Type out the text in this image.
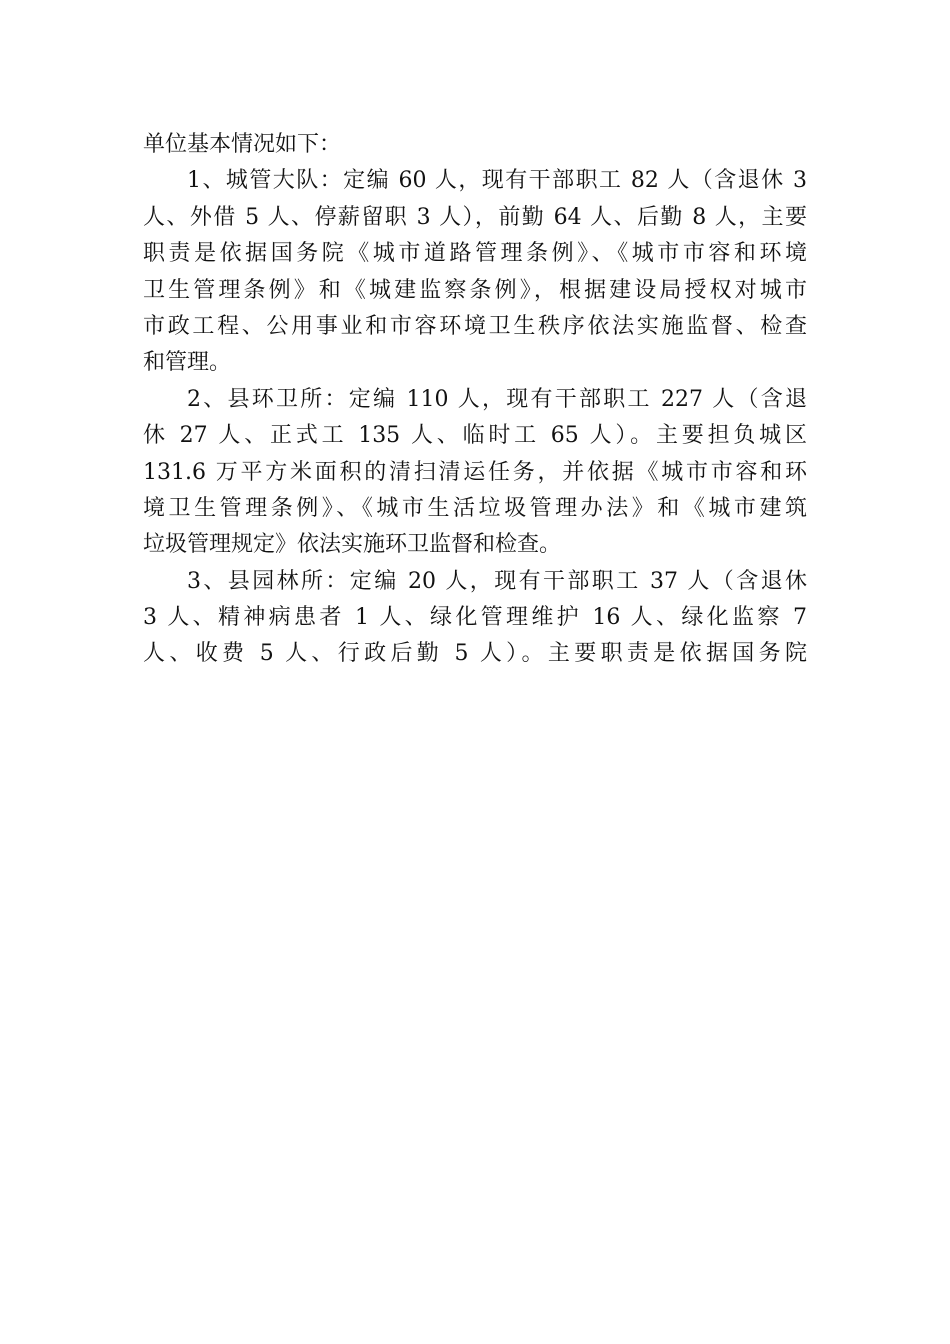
单位基本情况如下：
1、城管大队：定编 60 人，现有干部职工 82 人（含退休 3
人、外借 5 人、停薪留职 3 人），前勤 64 人、后勤 8 人，主要
职责是依据国务院《城市道路管理条例》、《城市市容和环境
卫生管理条例》和《城建监察条例》，根据建设局授权对城市
市政工程、公用事业和市容环境卫生秩序依法实施监督、检查
和管理。
2、县环卫所：定编 110 人，现有干部职工 227 人（含退
休 27 人、正式工 135 人、临时工 65 人）。主要担负城区
131.6 万平方米面积的清扫清运任务，并依据《城市市容和环
境卫生管理条例》、《城市生活垃圾管理办法》和《城市建筑
垃圾管理规定》依法实施环卫监督和检查。
3、县园林所：定编 20 人，现有干部职工 37 人（含退休
3 人、精神病患者 1 人、绿化管理维护 16 人、绿化监察 7
人、收费 5 人、行政后勤 5 人）。主要职责是依据国务院
